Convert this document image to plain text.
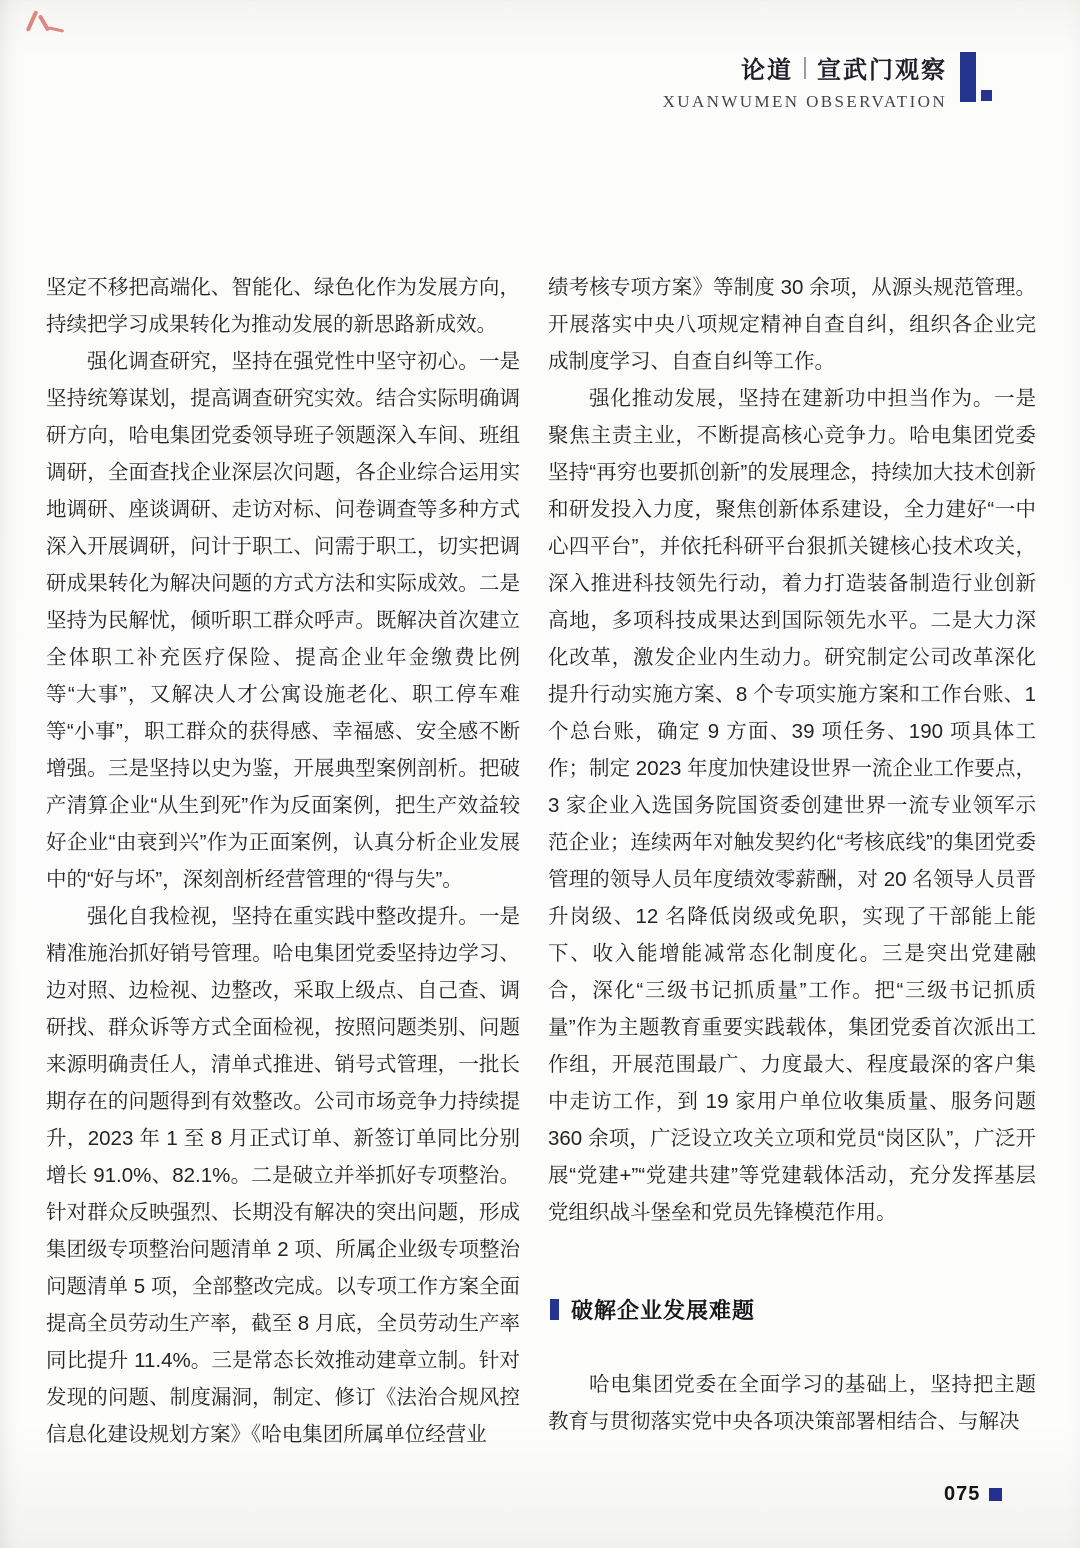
论道 宣武门观察
XUANWUMEN OBSERVATION

坚定不移把高端化、智能化、绿色化作为发展方向，持续把学习成果转化为推动发展的新思路新成效。

强化调查研究，坚持在强党性中坚守初心。一是坚持统筹谋划，提高调查研究实效。结合实际明确调研方向，哈电集团党委领导班子领题深入车间、班组调研，全面查找企业深层次问题，各企业综合运用实地调研、座谈调研、走访对标、问卷调查等多种方式深入开展调研，问计于职工、问需于职工，切实把调研成果转化为解决问题的方式方法和实际成效。二是坚持为民解忧，倾听职工群众呼声。既解决首次建立全体职工补充医疗保险、提高企业年金缴费比例等“大事”，又解决人才公寓设施老化、职工停车难等“小事”，职工群众的获得感、幸福感、安全感不断增强。三是坚持以史为鉴，开展典型案例剖析。把破产清算企业“从生到死”作为反面案例，把生产效益较好企业“由衰到兴”作为正面案例，认真分析企业发展中的“好与坏”，深刻剖析经营管理的“得与失”。

强化自我检视，坚持在重实践中整改提升。一是精准施治抓好销号管理。哈电集团党委坚持边学习、边对照、边检视、边整改，采取上级点、自己查、调研找、群众诉等方式全面检视，按照问题类别、问题来源明确责任人，清单式推进、销号式管理，一批长期存在的问题得到有效整改。公司市场竞争力持续提升，2023 年 1 至 8 月正式订单、新签订单同比分别增长 91.0%、82.1%。二是破立并举抓好专项整治。针对群众反映强烈、长期没有解决的突出问题，形成集团级专项整治问题清单 2 项、所属企业级专项整治问题清单 5 项，全部整改完成。以专项工作方案全面提高全员劳动生产率，截至 8 月底，全员劳动生产率同比提升 11.4%。三是常态长效推动建章立制。针对发现的问题、制度漏洞，制定、修订《法治合规风控信息化建设规划方案》《哈电集团所属单位经营业

绩考核专项方案》等制度 30 余项，从源头规范管理。开展落实中央八项规定精神自查自纠，组织各企业完成制度学习、自查自纠等工作。

强化推动发展，坚持在建新功中担当作为。一是聚焦主责主业，不断提高核心竞争力。哈电集团党委坚持“再穷也要抓创新”的发展理念，持续加大技术创新和研发投入力度，聚焦创新体系建设，全力建好“一中心四平台”，并依托科研平台狠抓关键核心技术攻关，深入推进科技领先行动，着力打造装备制造行业创新高地，多项科技成果达到国际领先水平。二是大力深化改革，激发企业内生动力。研究制定公司改革深化提升行动实施方案、8 个专项实施方案和工作台账、1 个总台账，确定 9 方面、39 项任务、190 项具体工作；制定 2023 年度加快建设世界一流企业工作要点，3 家企业入选国务院国资委创建世界一流专业领军示范企业；连续两年对触发契约化“考核底线”的集团党委管理的领导人员年度绩效零薪酬，对 20 名领导人员晋升岗级、12 名降低岗级或免职，实现了干部能上能下、收入能增能减常态化制度化。三是突出党建融合，深化“三级书记抓质量”工作。把“三级书记抓质量”作为主题教育重要实践载体，集团党委首次派出工作组，开展范围最广、力度最大、程度最深的客户集中走访工作，到 19 家用户单位收集质量、服务问题 360 余项，广泛设立攻关立项和党员“岗区队”，广泛开展“党建+”“党建共建”等党建载体活动，充分发挥基层党组织战斗堡垒和党员先锋模范作用。

破解企业发展难题

哈电集团党委在全面学习的基础上，坚持把主题教育与贯彻落实党中央各项决策部署相结合、与解决

075
